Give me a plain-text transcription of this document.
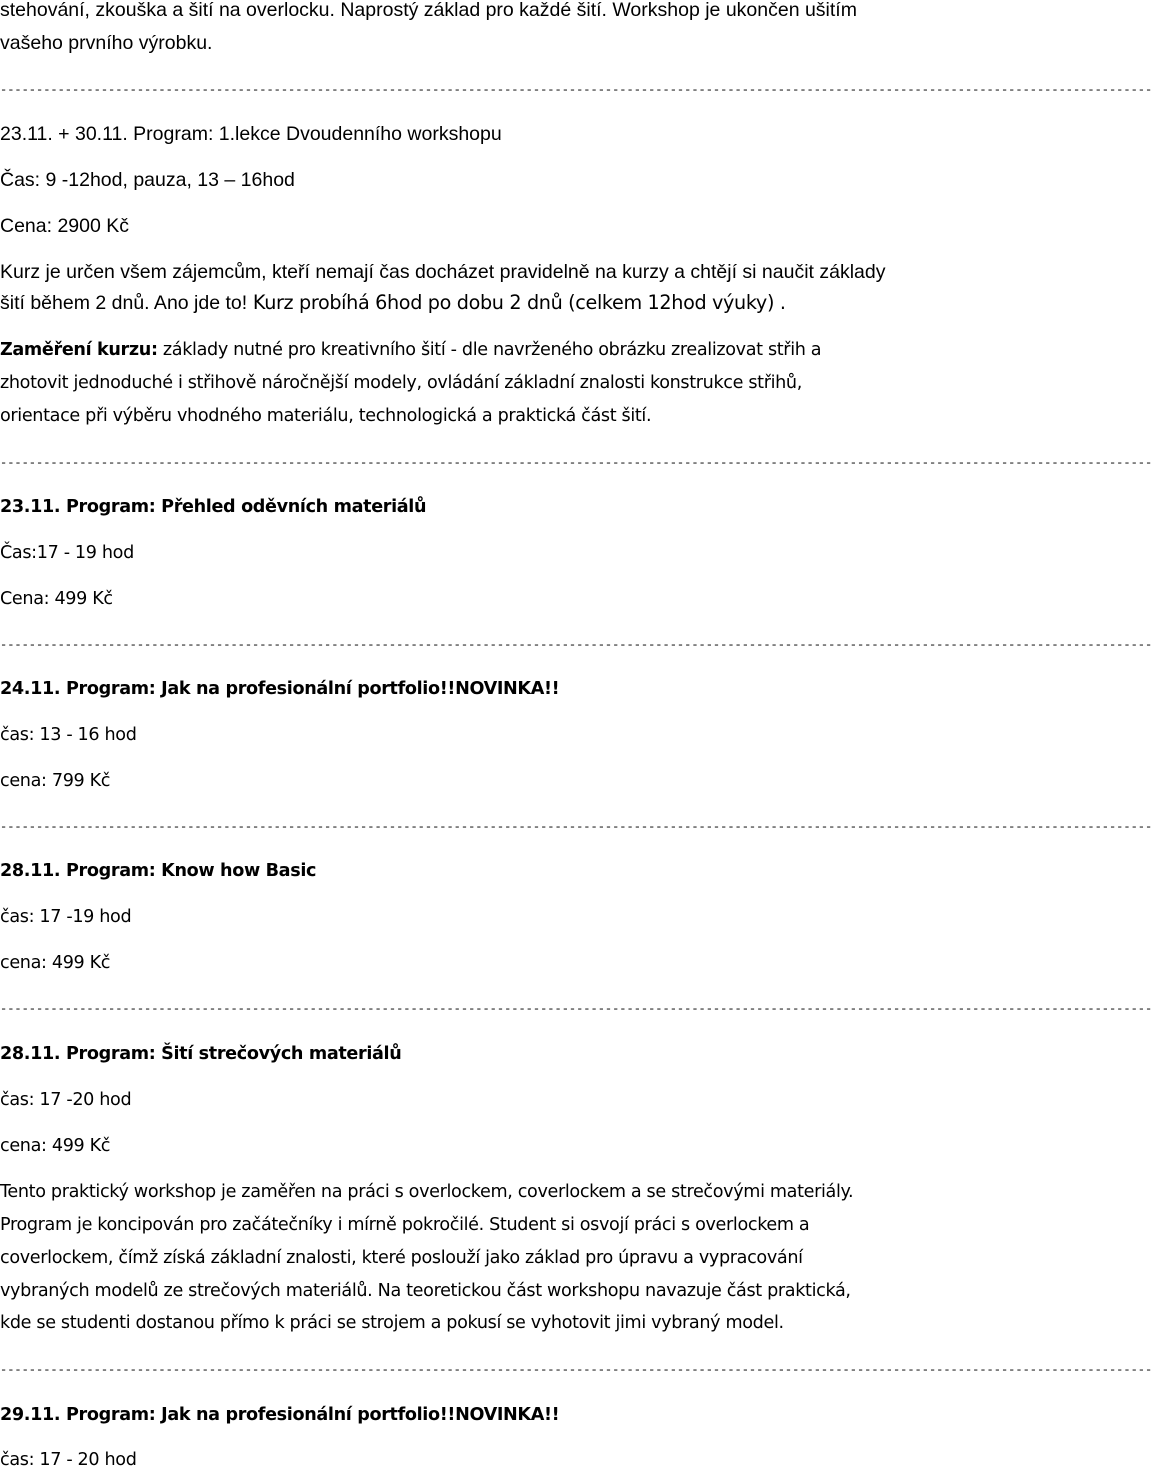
stehování, zkouška a šití na overlocku. Naprostý základ pro každé šití. Workshop je ukončen ušitím

vašeho prvního výrobku.

----------------------------------------------------------------------------------------------------------------------------------------------------------------

23.11. + 30.11. Program: 1.lekce Dvoudenního workshopu

Čas: 9 -12hod, pauza, 13 – 16hod

Cena: 2900 Kč

Kurz je určen všem zájemcům, kteří nemají čas docházet pravidelně na kurzy a chtějí si naučit základy

šití během 2 dnů. Ano jde to! Kurz probíhá 6hod po dobu 2 dnů (celkem 12hod výuky) .

Zaměření kurzu: základy nutné pro kreativního šití - dle navrženého obrázku zrealizovat střih a

zhotovit jednoduché i střihově náročnější modely, ovládání základní znalosti konstrukce střihů,

orientace při výběru vhodného materiálu, technologická a praktická část šití.

----------------------------------------------------------------------------------------------------------------------------------------------------------------

23.11. Program: Přehled oděvních materiálů

Čas:17 - 19 hod

Cena: 499 Kč

----------------------------------------------------------------------------------------------------------------------------------------------------------------

24.11. Program: Jak na profesionální portfolio!!NOVINKA!!

čas: 13 - 16 hod

cena: 799 Kč

----------------------------------------------------------------------------------------------------------------------------------------------------------------

28.11. Program: Know how Basic

čas: 17 -19 hod

cena: 499 Kč

----------------------------------------------------------------------------------------------------------------------------------------------------------------

28.11. Program: Šití strečových materiálů

čas: 17 -20 hod

cena: 499 Kč

Tento praktický workshop je zaměřen na práci s overlockem, coverlockem a se strečovými materiály.

Program je koncipován pro začátečníky i mírně pokročilé. Student si osvojí práci s overlockem a

coverlockem, čímž získá základní znalosti, které poslouží jako základ pro úpravu a vypracování

vybraných modelů ze strečových materiálů. Na teoretickou část workshopu navazuje část praktická,

kde se studenti dostanou přímo k práci se strojem a pokusí se vyhotovit jimi vybraný model.

----------------------------------------------------------------------------------------------------------------------------------------------------------------

29.11. Program: Jak na profesionální portfolio!!NOVINKA!!

čas: 17 - 20 hod
